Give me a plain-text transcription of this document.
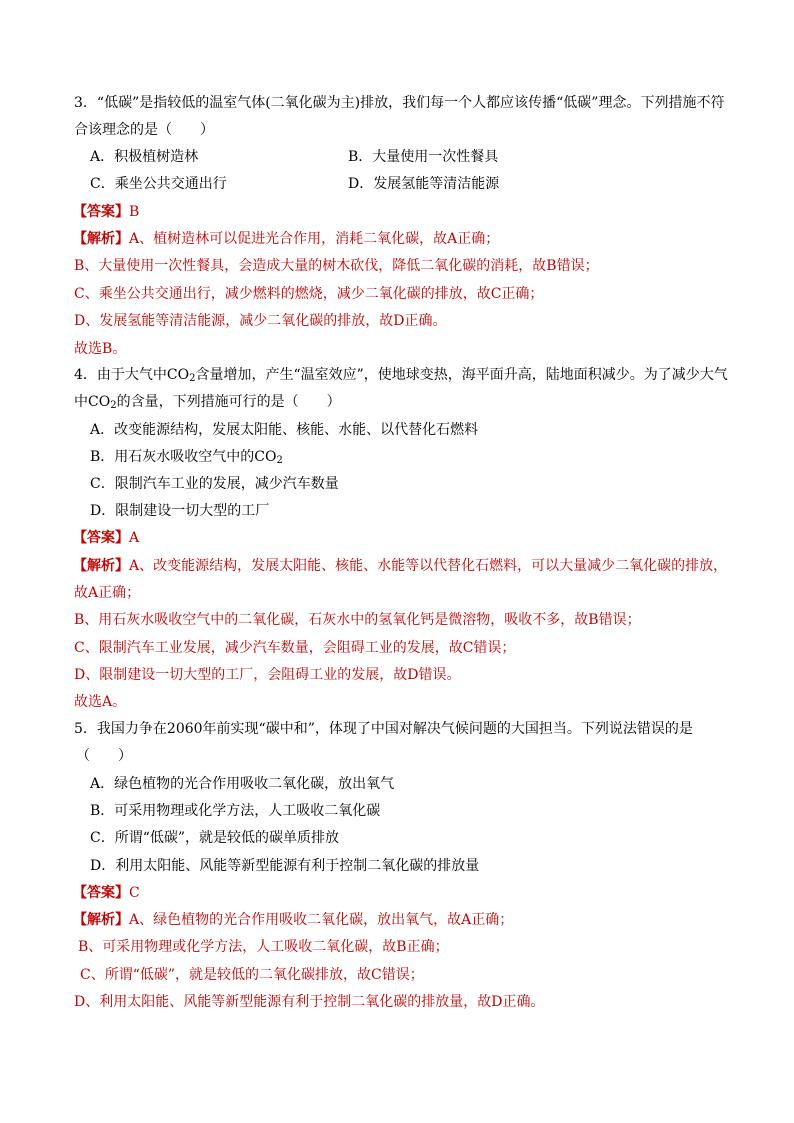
3．“低碳”是指较低的温室气体(二氧化碳为主)排放，我们每一个人都应该传播“低碳”理念。下列措施不符
合该理念的是（　　）
A．积极植树造林	B．大量使用一次性餐具
C．乘坐公共交通出行	D．发展氢能等清洁能源
【答案】B
【解析】A、植树造林可以促进光合作用，消耗二氧化碳，故A正确；
B、大量使用一次性餐具，会造成大量的树木砍伐，降低二氧化碳的消耗，故B错误；
C、乘坐公共交通出行，减少燃料的燃烧，减少二氧化碳的排放，故C正确；
D、发展氢能等清洁能源，减少二氧化碳的排放，故D正确。
故选B。
4．由于大气中$CO_2$含量增加，产生“温室效应”，使地球变热，海平面升高，陆地面积减少。为了减少大气
中$CO_2$的含量，下列措施可行的是（　　）
A．改变能源结构，发展太阳能、核能、水能、以代替化石燃料
B．用石灰水吸收空气中的$CO_2$
C．限制汽车工业的发展，减少汽车数量
D．限制建设一切大型的工厂
【答案】A
【解析】A、改变能源结构，发展太阳能、核能、水能等以代替化石燃料，可以大量减少二氧化碳的排放，
故A正确；
B、用石灰水吸收空气中的二氧化碳，石灰水中的氢氧化钙是微溶物，吸收不多，故B错误；
C、限制汽车工业发展，减少汽车数量，会阻碍工业的发展，故C错误；
D、限制建设一切大型的工厂，会阻碍工业的发展，故D错误。
故选A。
5．我国力争在2060年前实现“碳中和”，体现了中国对解决气候问题的大国担当。下列说法错误的是
（　　）
A．绿色植物的光合作用吸收二氧化碳，放出氧气
B．可采用物理或化学方法，人工吸收二氧化碳
C．所谓“低碳”，就是较低的碳单质排放
D．利用太阳能、风能等新型能源有利于控制二氧化碳的排放量
【答案】C
【解析】A、绿色植物的光合作用吸收二氧化碳，放出氧气，故A正确；
B、可采用物理或化学方法，人工吸收二氧化碳，故B正确；
C、所谓“低碳”，就是较低的二氧化碳排放，故C错误；
D、利用太阳能、风能等新型能源有利于控制二氧化碳的排放量，故D正确。
